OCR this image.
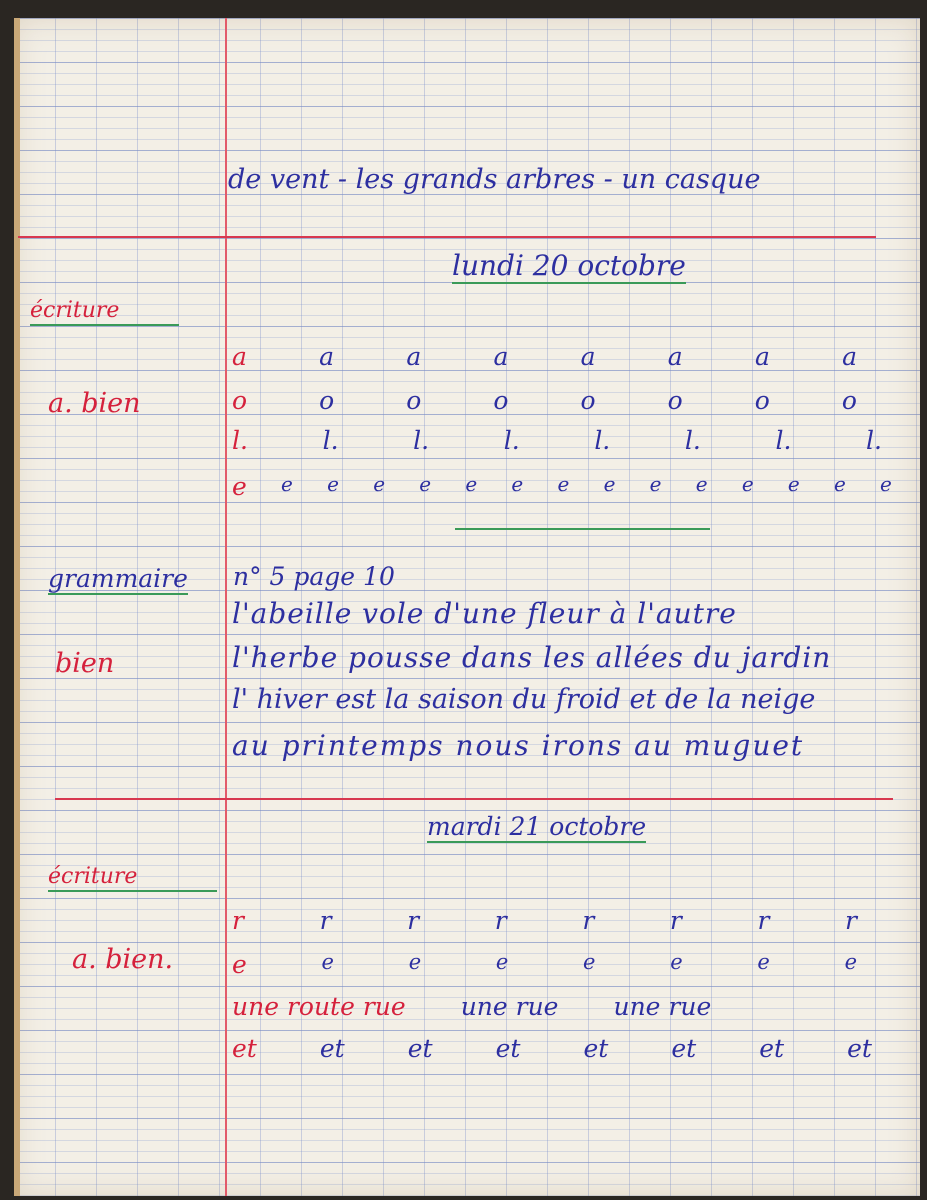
de vent - les grands arbres - un casque
lundi 20 octobre
écriture
a. bien
a	a	a	a	a	a	a	a
o	o	o	o	o	o	o	o
l.	l.	l.	l.	l.	l.	l.	l.
e e e e e e e e e e e e e e e
grammaire n° 5 page 10
bien
l'abeille vole d'une fleur à l'autre
l'herbe pousse dans les allées du jardin
l' hiver est la saison du froid et de la neige
au printemps nous irons au muguet
mardi 21 octobre
écriture
a. bien.
r	r	r	r	r	r	r	r
e	e	e	e	e	e	e	e
une route rue une rue une rue
et	et	et	et	et	et	et	et
